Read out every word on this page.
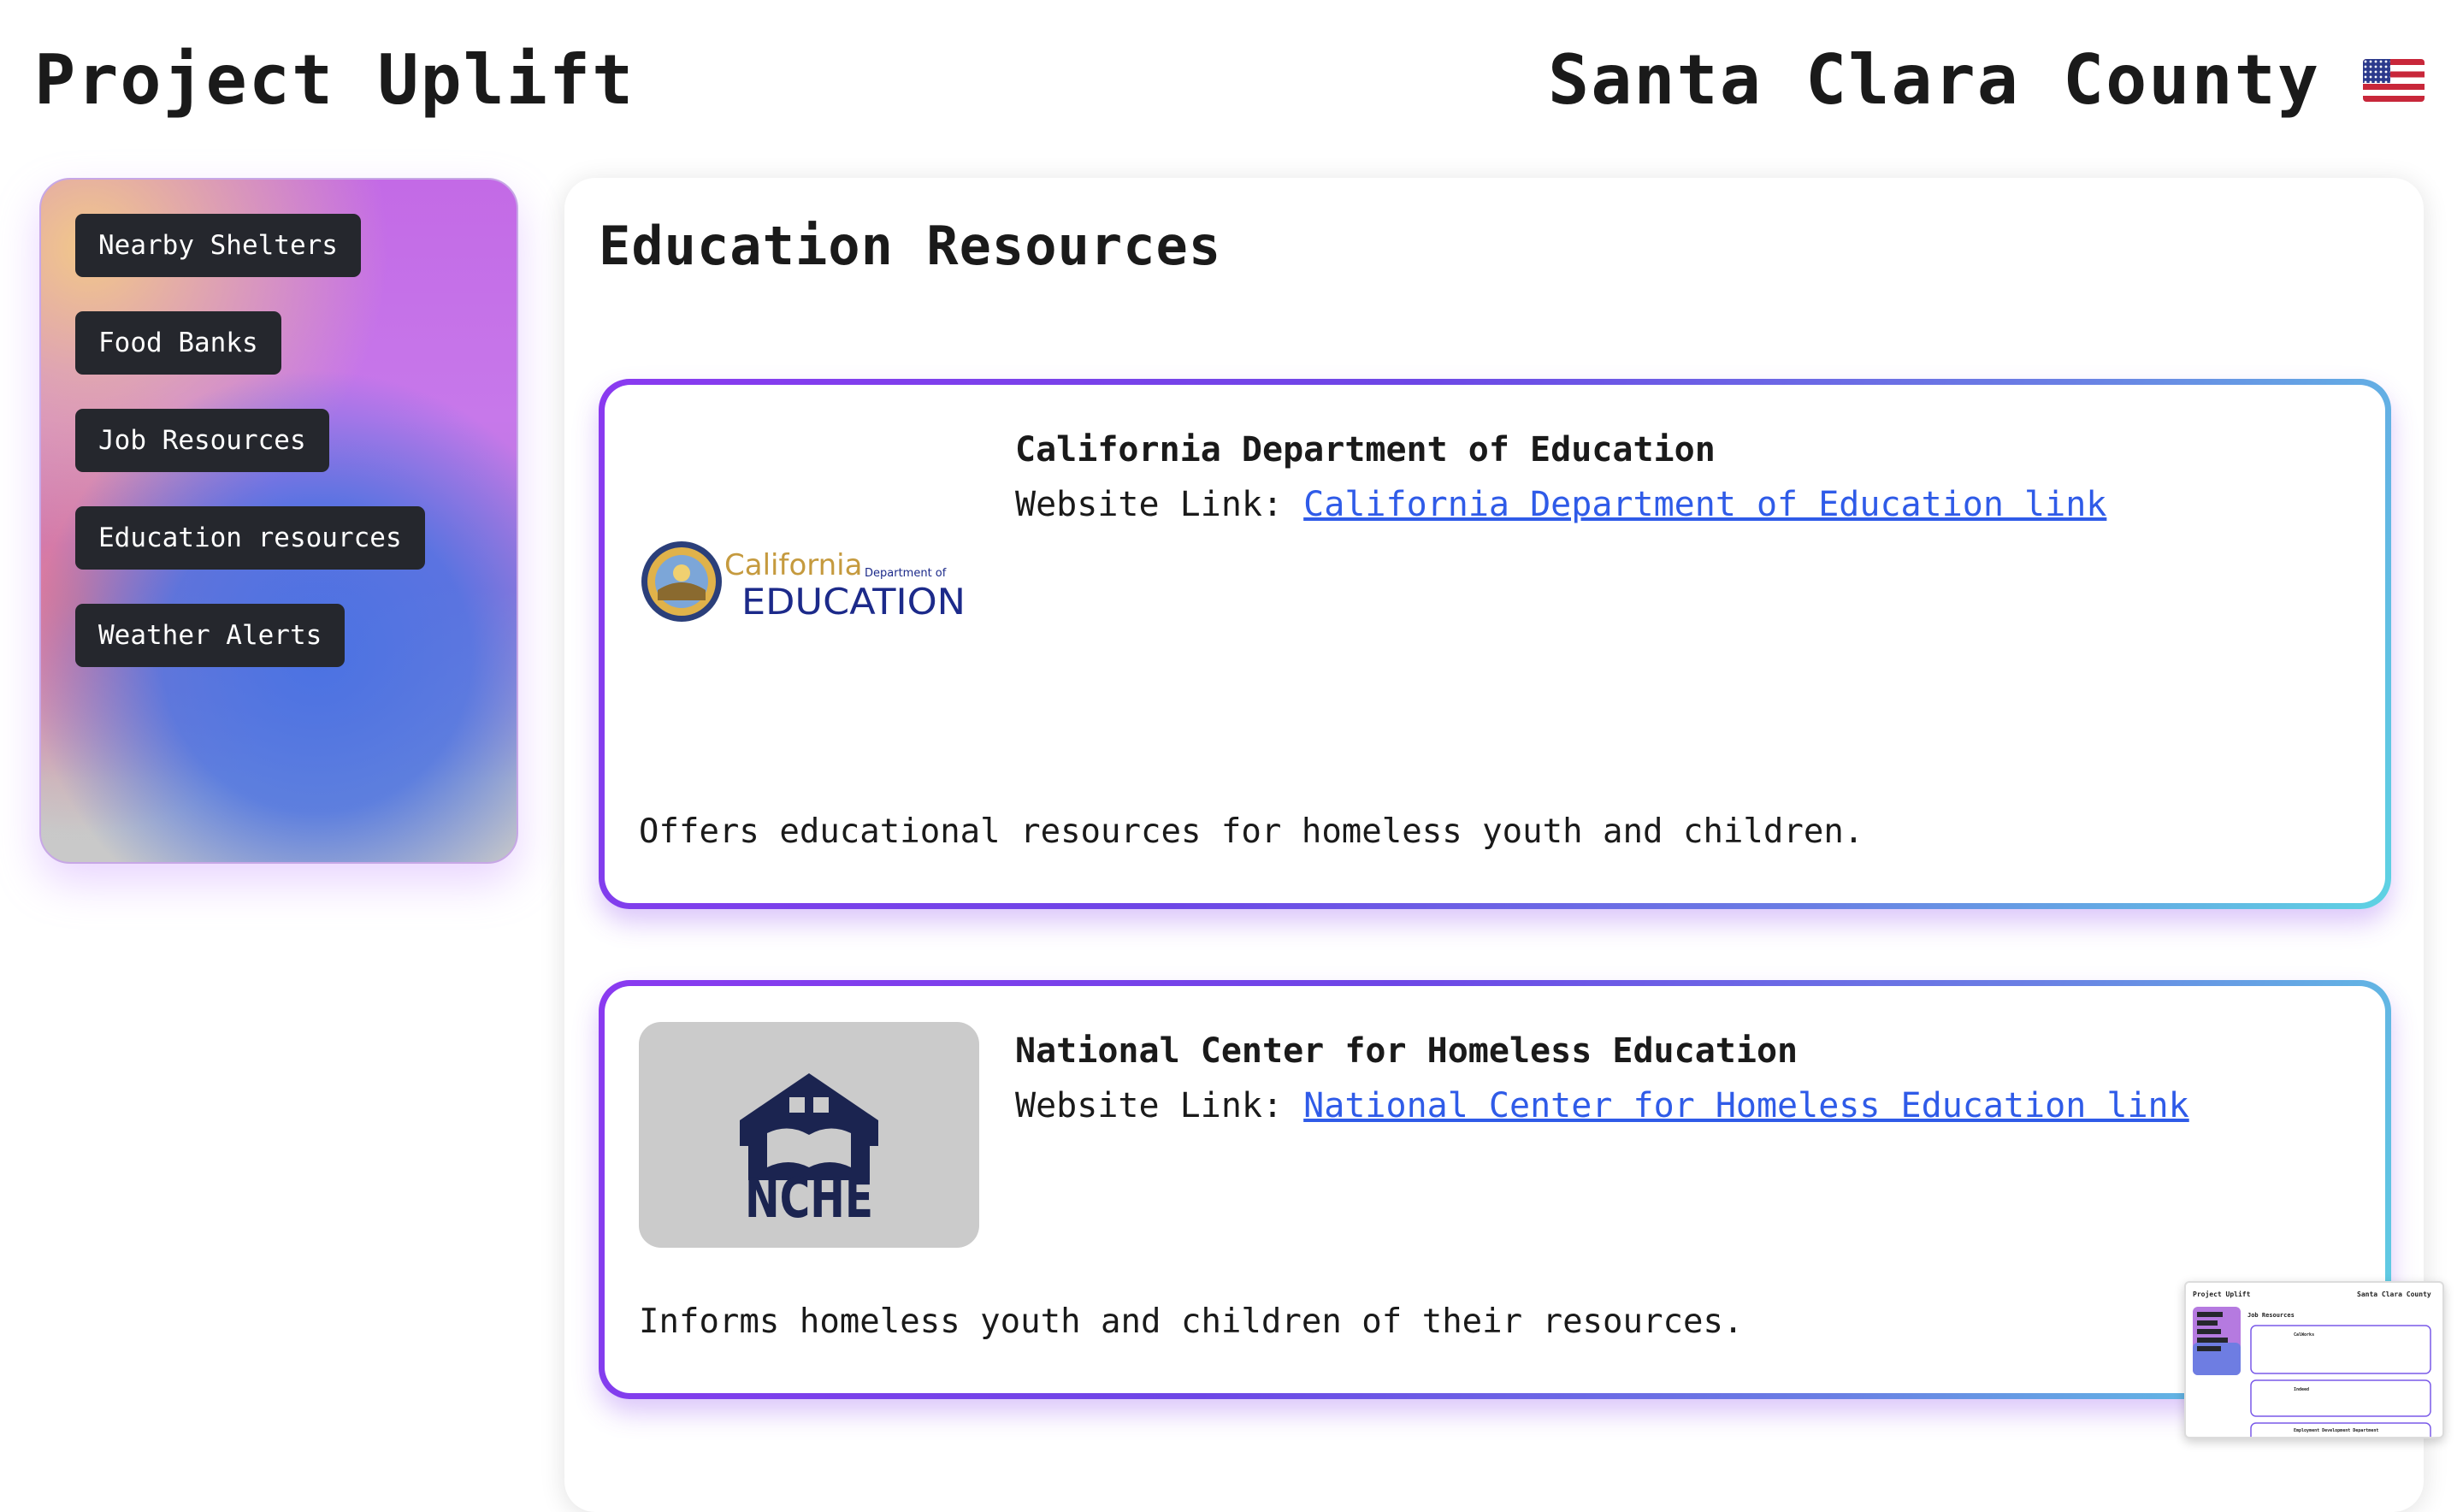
Project Uplift	Santa Clara County
Nearby Shelters
Food Banks
Job Resources
Education resources
Weather Alerts
Education Resources
California Department of
EDUCATION
California Department of Education
Website Link: California Department of Education link

Offers educational resources for homeless youth and children.

NCHE
National Center for Homeless Education
Website Link: National Center for Homeless Education link

Informs homeless youth and children of their resources.

Project Uplift	Santa Clara County
Job Resources
CalWorks
Indeed
Employment Development Department
